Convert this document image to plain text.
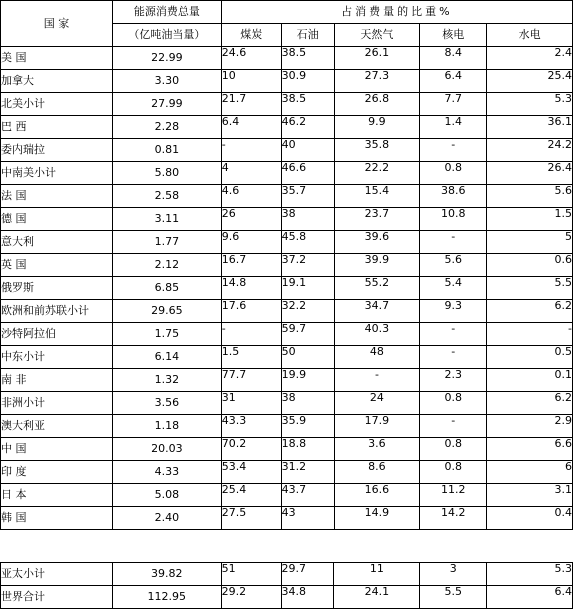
国 家	能源消费总量	占消费量的比重%				
	（亿吨油当量）	煤炭	石油	天然气	核电	水电
美 国	22.99	24.6	38.5	26.1	8.4	2.4
加拿大	3.30	10	30.9	27.3	6.4	25.4
北美小计	27.99	21.7	38.5	26.8	7.7	5.3
巴 西	2.28	6.4	46.2	9.9	1.4	36.1
委内瑞拉	0.81	-	40	35.8	-	24.2
中南美小计	5.80	4	46.6	22.2	0.8	26.4
法 国	2.58	4.6	35.7	15.4	38.6	5.6
德 国	3.11	26	38	23.7	10.8	1.5
意大利	1.77	9.6	45.8	39.6	-	5
英 国	2.12	16.7	37.2	39.9	5.6	0.6
俄罗斯	6.85	14.8	19.1	55.2	5.4	5.5
欧洲和前苏联小计	29.65	17.6	32.2	34.7	9.3	6.2
沙特阿拉伯	1.75	-	59.7	40.3	-	-
中东小计	6.14	1.5	50	48	-	0.5
南 非	1.32	77.7	19.9	-	2.3	0.1
非洲小计	3.56	31	38	24	0.8	6.2
澳大利亚	1.18	43.3	35.9	17.9	-	2.9
中 国	20.03	70.2	18.8	3.6	0.8	6.6
印 度	4.33	53.4	31.2	8.6	0.8	6
日 本	5.08	25.4	43.7	16.6	11.2	3.1
韩 国	2.40	27.5	43	14.9	14.2	0.4
亚太小计	39.82	51	29.7	11	3	5.3
世界合计	112.95	29.2	34.8	24.1	5.5	6.4
